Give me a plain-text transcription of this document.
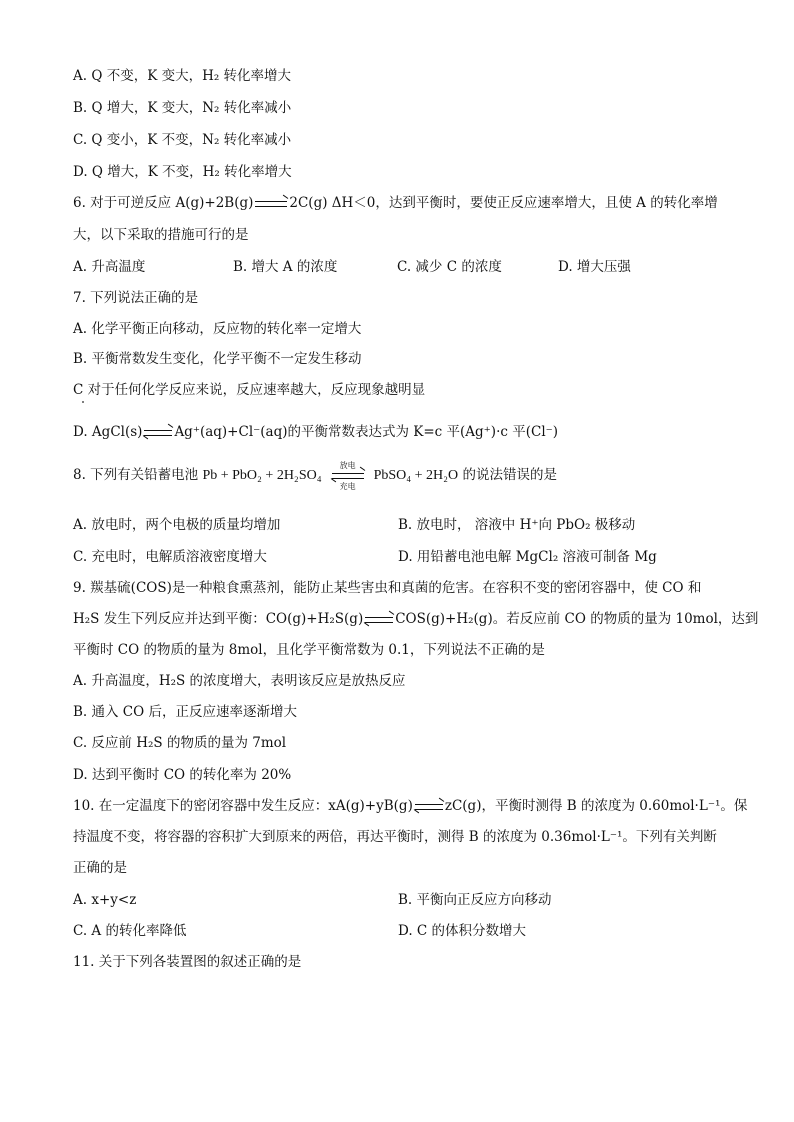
A. Q 不变，K 变大，H₂ 转化率增大
B. Q 增大，K 变大，N₂ 转化率减小
C. Q 变小，K 不变，N₂ 转化率减小
D. Q 增大，K 不变，H₂ 转化率增大
6. 对于可逆反应 A(g)+2B(g)	2C(g) ΔH＜0，达到平衡时，要使正反应速率增大，且使 A 的转化率增
大，以下采取的措施可行的是
A. 升高温度	B. 增大 A 的浓度	C. 减少 C 的浓度	D. 增大压强
7. 下列说法正确的是
A. 化学平衡正向移动，反应物的转化率一定增大
B. 平衡常数发生变化，化学平衡不一定发生移动
C 对于任何化学反应来说，反应速率越大，反应现象越明显
D. AgCl(s) Ag⁺(aq)+Cl⁻(aq)的平衡常数表达式为 K=c 平(Ag⁺)·c 平(Cl⁻)
8. 下列有关铅蓄电池 Pb + PbO₂ + 2H₂SO₄
放电
充电
PbSO₄ + 2H₂O 的说法错误的是
A. 放电时，两个电极的质量均增加	B. 放电时， 溶液中 H⁺向 PbO₂ 极移动
C. 充电时，电解质溶液密度增大	D. 用铅蓄电池电解 MgCl₂ 溶液可制备 Mg
9. 羰基硫(COS)是一种粮食熏蒸剂，能防止某些害虫和真菌的危害。在容积不变的密闭容器中，使 CO 和
H₂S 发生下列反应并达到平衡：CO(g)+H₂S(g) COS(g)+H₂(g)。若反应前 CO 的物质的量为 10mol，达到
平衡时 CO 的物质的量为 8mol，且化学平衡常数为 0.1，下列说法不正确的是
A. 升高温度，H₂S 的浓度增大，表明该反应是放热反应
B. 通入 CO 后，正反应速率逐渐增大
C. 反应前 H₂S 的物质的量为 7mol
D. 达到平衡时 CO 的转化率为 20%
10. 在一定温度下的密闭容器中发生反应：xA(g)+yB(g) zC(g)，平衡时测得 B 的浓度为 0.60mol·L⁻¹。保
持温度不变，将容器的容积扩大到原来的两倍，再达平衡时，测得 B 的浓度为 0.36mol·L⁻¹。下列有关判断
正确的是
A. x+y<z	B. 平衡向正反应方向移动
C. A 的转化率降低	D. C 的体积分数增大
11. 关于下列各装置图的叙述正确的是
